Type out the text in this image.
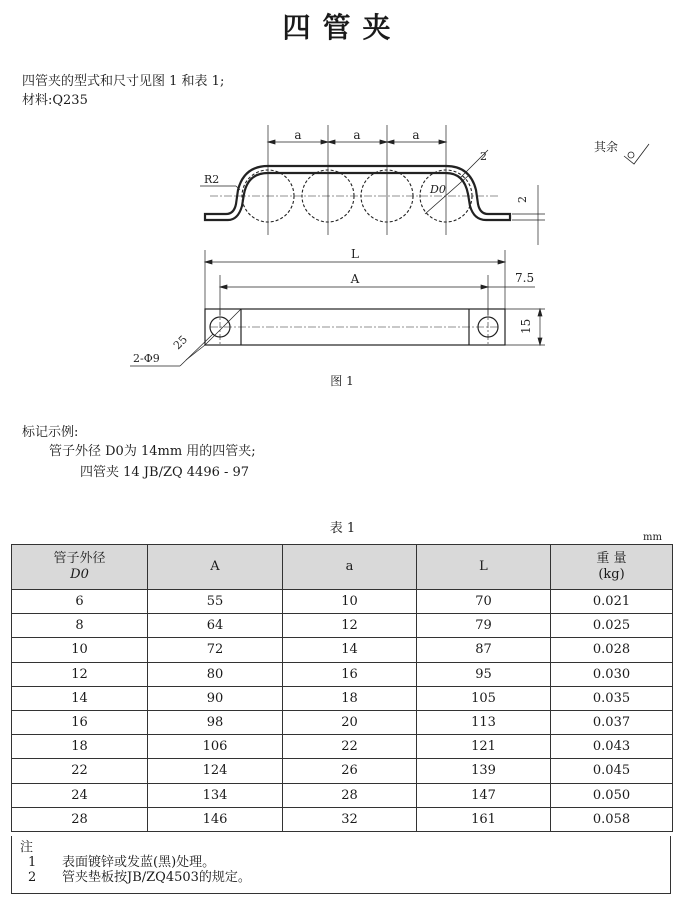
四管夹
四管夹的型式和尺寸见图 1 和表 1;
材料:Q235
a	a	a
R2
D0
2
2
其余
L
A	7.5
15
25
2-Φ9
图 1
标记示例:
管子外径 D0为 14mm 用的四管夹;
四管夹 14 JB/ZQ 4496 - 97
表 1
mm
管子外径
D0	A	a	L	重 量
(kg)
6	55	10	70	0.021
8	64	12	79	0.025
10	72	14	87	0.028
12	80	16	95	0.030
14	90	18	105	0.035
16	98	20	113	0.037
18	106	22	121	0.043
22	124	26	139	0.045
24	134	28	147	0.050
28	146	32	161	0.058
注
1 表面镀锌或发蓝(黑)处理。
2 管夹垫板按JB/ZQ4503的规定。
